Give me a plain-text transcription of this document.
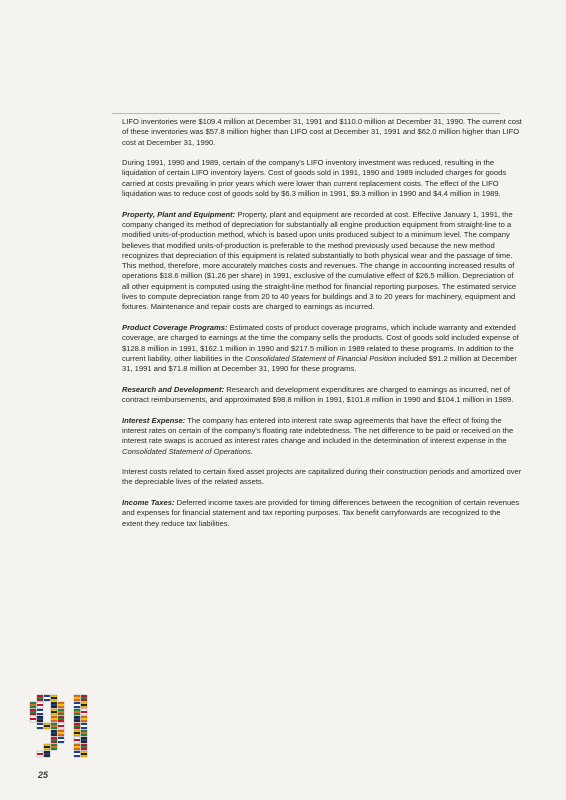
LIFO inventories were $109.4 million at December 31, 1991 and $110.0 million at December 31, 1990. The current cost of these inventories was $57.8 million higher than LIFO cost at December 31, 1991 and $62.0 million higher than LIFO cost at December 31, 1990.

During 1991, 1990 and 1989, certain of the company's LIFO inventory investment was reduced, resulting in the liquidation of certain LIFO inventory layers. Cost of goods sold in 1991, 1990 and 1989 included charges for goods carried at costs prevailing in prior years which were lower than current replacement costs. The effect of the LIFO liquidation was to reduce cost of goods sold by $6.3 million in 1991, $9.3 million in 1990 and $4.4 million in 1989.

Property, Plant and Equipment: Property, plant and equipment are recorded at cost. Effective January 1, 1991, the company changed its method of depreciation for substantially all engine production equipment from straight-line to a modified units-of-production method, which is based upon units produced subject to a minimum level. The company believes that modified units-of-production is preferable to the method previously used because the new method recognizes that depreciation of this equipment is related substantially to both physical wear and the passage of time. This method, therefore, more accurately matches costs and revenues. The change in accounting increased results of operations $18.6 million ($1.26 per share) in 1991, exclusive of the cumulative effect of $26.5 million. Depreciation of all other equipment is computed using the straight-line method for financial reporting purposes. The estimated service lives to compute depreciation range from 20 to 40 years for buildings and 3 to 20 years for machinery, equipment and fixtures. Maintenance and repair costs are charged to earnings as incurred.

Product Coverage Programs: Estimated costs of product coverage programs, which include warranty and extended coverage, are charged to earnings at the time the company sells the products. Cost of goods sold included expense of $128.8 million in 1991, $162.1 million in 1990 and $217.5 million in 1989 related to these programs. In addition to the current liability, other liabilities in the Consolidated Statement of Financial Position included $91.2 million at December 31, 1991 and $71.8 million at December 31, 1990 for these programs.

Research and Development: Research and development expenditures are charged to earnings as incurred, net of contract reimbursements, and approximated $98.8 million in 1991, $101.8 million in 1990 and $104.1 million in 1989.

Interest Expense: The company has entered into interest rate swap agreements that have the effect of fixing the interest rates on certain of the company's floating rate indebtedness. The net difference to be paid or received on the interest rate swaps is accrued as interest rates change and included in the determination of interest expense in the Consolidated Statement of Operations.

Interest costs related to certain fixed asset projects are capitalized during their construction periods and amortized over the depreciable lives of the related assets.

Income Taxes: Deferred income taxes are provided for timing differences between the recognition of certain revenues and expenses for financial statement and tax reporting purposes. Tax benefit carryforwards are recognized to the extent they reduce tax liabilities.

25
